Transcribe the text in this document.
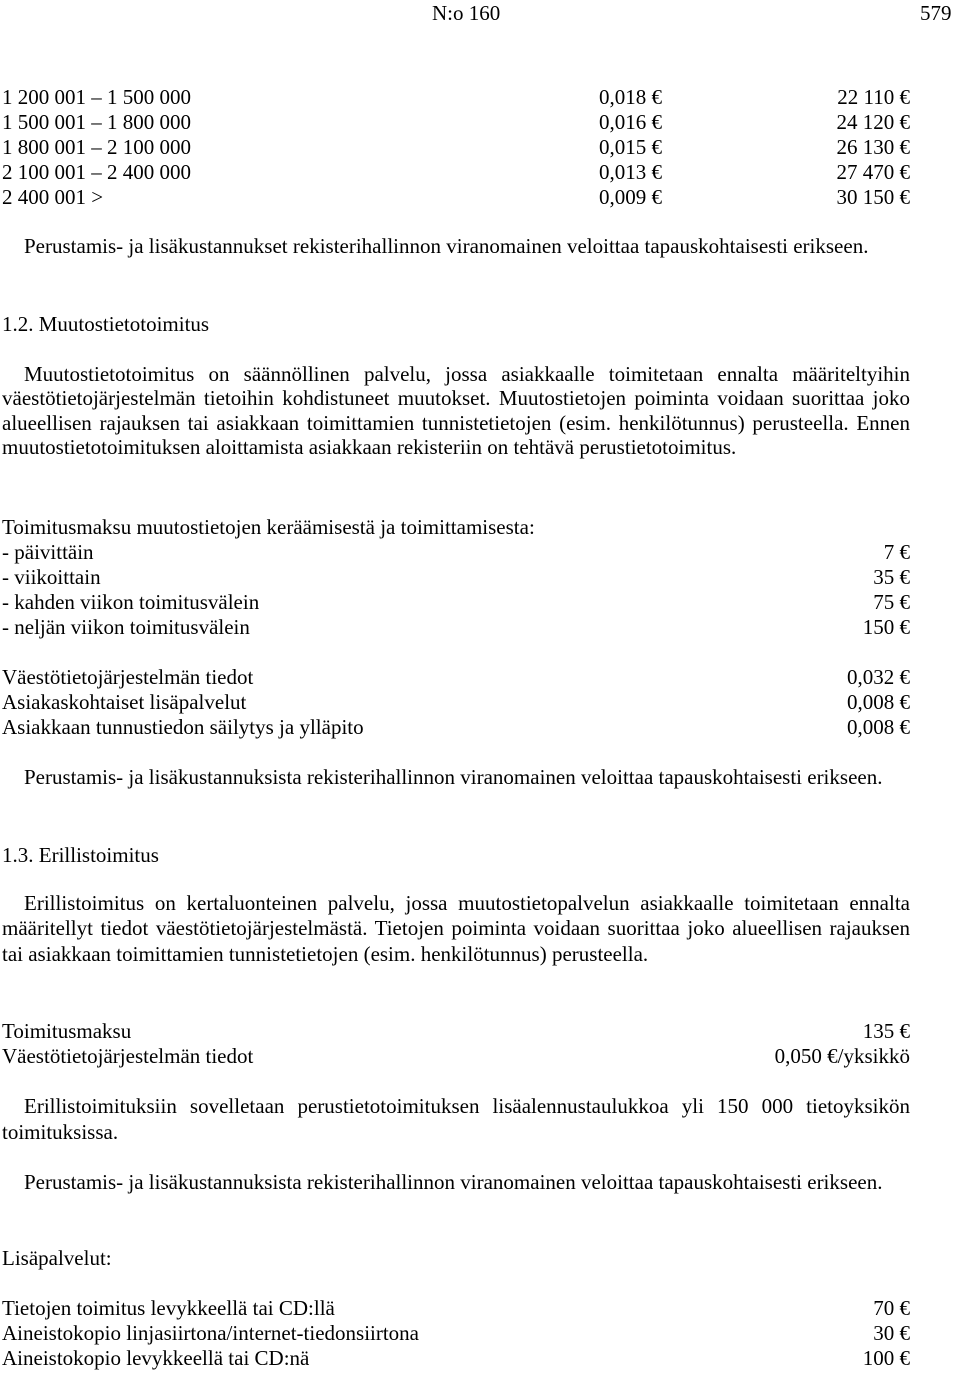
N:o 160	579
1 200 001 – 1 500 000	0,018 €	22 110 €
1 500 001 – 1 800 000	0,016 €	24 120 €
1 800 001 – 2 100 000	0,015 €	26 130 €
2 100 001 – 2 400 000	0,013 €	27 470 €
2 400 001 >	0,009 €	30 150 €

Perustamis- ja lisäkustannukset rekisterihallinnon viranomainen veloittaa tapauskohtaisesti erikseen.

1.2. Muutostietotoimitus

Muutostietotoimitus on säännöllinen palvelu, jossa asiakkaalle toimitetaan ennalta määriteltyihin väestötietojärjestelmän tietoihin kohdistuneet muutokset. Muutostietojen poiminta voidaan suorittaa joko alueellisen rajauksen tai asiakkaan toimittamien tunnistetietojen (esim. henkilötunnus) perusteella. Ennen muutostietotoimituksen aloittamista asiakkaan rekisteriin on tehtävä perustietotoimitus.

Toimitusmaksu muutostietojen keräämisestä ja toimittamisesta:

- päivittäin	7 €
- viikoittain	35 €
- kahden viikon toimitusvälein	75 €
- neljän viikon toimitusvälein	150 €
Väestötietojärjestelmän tiedot	0,032 €
Asiakaskohtaiset lisäpalvelut	0,008 €
Asiakkaan tunnustiedon säilytys ja ylläpito	0,008 €

Perustamis- ja lisäkustannuksista rekisterihallinnon viranomainen veloittaa tapauskohtaisesti erikseen.

1.3. Erillistoimitus

Erillistoimitus on kertaluonteinen palvelu, jossa muutostietopalvelun asiakkaalle toimitetaan ennalta määritellyt tiedot väestötietojärjestelmästä. Tietojen poiminta voidaan suorittaa joko alueellisen rajauksen tai asiakkaan toimittamien tunnistetietojen (esim. henkilötunnus) perusteella.

Toimitusmaksu	135 €
Väestötietojärjestelmän tiedot	0,050 €/yksikkö

Erillistoimituksiin sovelletaan perustietotoimituksen lisäalennustaulukkoa yli 150 000 tietoyksikön toimituksissa.

Perustamis- ja lisäkustannuksista rekisterihallinnon viranomainen veloittaa tapauskohtaisesti erikseen.

Lisäpalvelut:

Tietojen toimitus levykkeellä tai CD:llä	70 €
Aineistokopio linjasiirtona/internet-tiedonsiirtona	30 €
Aineistokopio levykkeellä tai CD:nä	100 €
